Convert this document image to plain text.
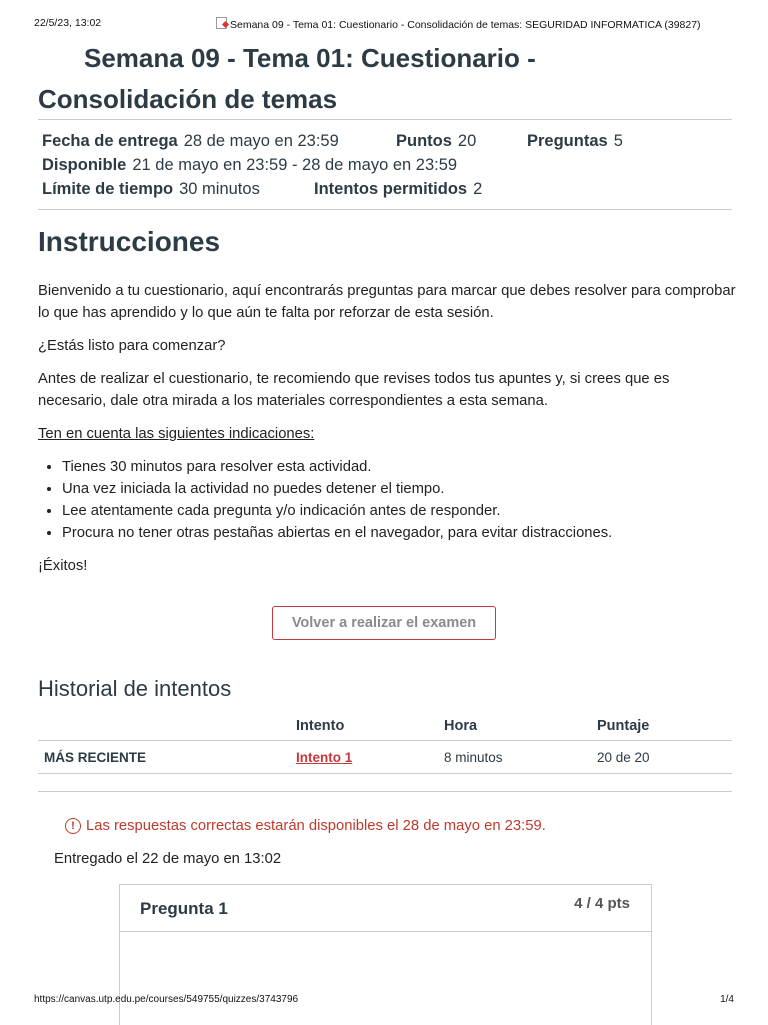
22/5/23, 13:02	Semana 09 - Tema 01: Cuestionario - Consolidación de temas: SEGURIDAD INFORMATICA (39827)
Semana 09 - Tema 01: Cuestionario -
Consolidación de temas
Fecha de entrega 28 de mayo en 23:59	Puntos 20	Preguntas 5
Disponible 21 de mayo en 23:59 - 28 de mayo en 23:59
Límite de tiempo 30 minutos	Intentos permitidos 2
Instrucciones

Bienvenido a tu cuestionario, aquí encontrarás preguntas para marcar que debes resolver para comprobar lo que has aprendido y lo que aún te falta por reforzar de esta sesión.

¿Estás listo para comenzar?

Antes de realizar el cuestionario, te recomiendo que revises todos tus apuntes y, si crees que es necesario, dale otra mirada a los materiales correspondientes a esta semana.

Ten en cuenta las siguientes indicaciones:

• Tienes 30 minutos para resolver esta actividad.
• Una vez iniciada la actividad no puedes detener el tiempo.
• Lee atentamente cada pregunta y/o indicación antes de responder.
• Procura no tener otras pestañas abiertas en el navegador, para evitar distracciones.

¡Éxitos!

Volver a realizar el examen
Historial de intentos
	Intento	Hora	Puntaje
MÁS RECIENTE	Intento 1	8 minutos	20 de 20
! Las respuestas correctas estarán disponibles el 28 de mayo en 23:59.
Entregado el 22 de mayo en 13:02
Pregunta 1	4 / 4 pts
https://canvas.utp.edu.pe/courses/549755/quizzes/3743796	1/4
